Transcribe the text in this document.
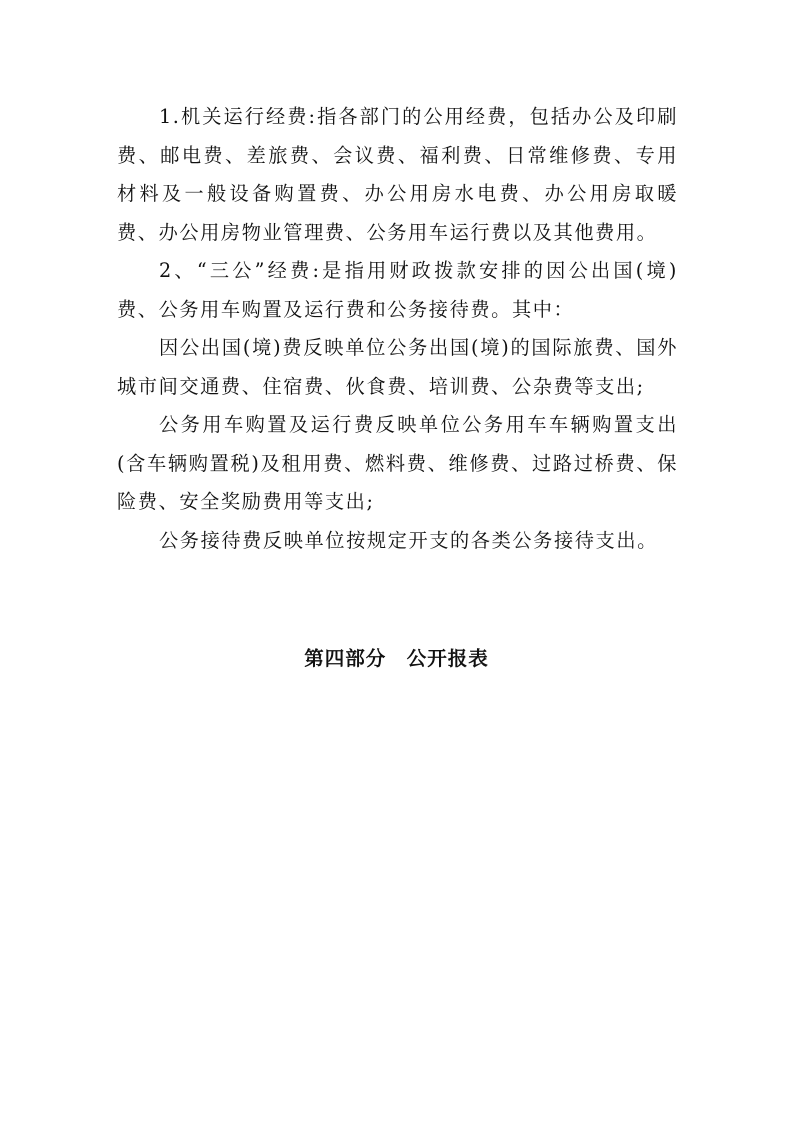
1.机关运行经费:指各部门的公用经费，包括办公及印刷费、邮电费、差旅费、会议费、福利费、日常维修费、专用材料及一般设备购置费、办公用房水电费、办公用房取暖费、办公用房物业管理费、公务用车运行费以及其他费用。

2、“三公”经费:是指用财政拨款安排的因公出国(境)费、公务用车购置及运行费和公务接待费。其中：

因公出国(境)费反映单位公务出国(境)的国际旅费、国外城市间交通费、住宿费、伙食费、培训费、公杂费等支出;

公务用车购置及运行费反映单位公务用车车辆购置支出(含车辆购置税)及租用费、燃料费、维修费、过路过桥费、保险费、安全奖励费用等支出;

公务接待费反映单位按规定开支的各类公务接待支出。

第四部分　公开报表
